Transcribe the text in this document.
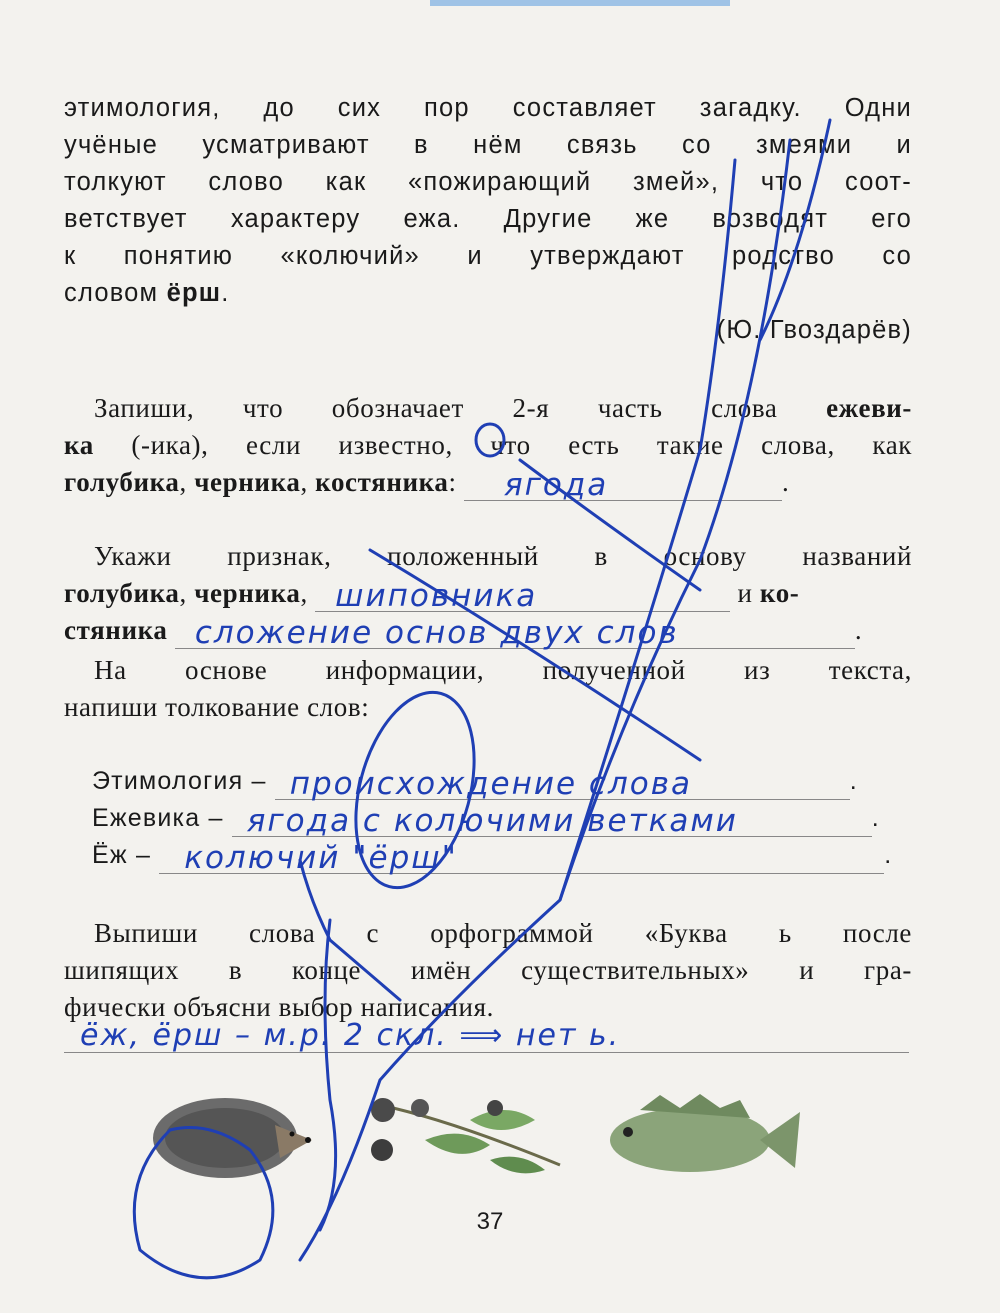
этимология, до сих пор составляет загадку. Одни
учёные усматривают в нём связь со змеями и
толкуют слово как «пожирающий змей», что соот-
ветствует характеру ежа. Другие же возводят его
к понятию «колючий» и утверждают родство со
словом ёрш.
(Ю. Гвоздарёв)
Запиши, что обозначает 2-я часть слова ежеви-
ка (-ика), если известно, что есть такие слова, как
голубика, черника, костяника: ягода	.
Укажи признак, положенный в основу названий
голубика, черника, шиповника	и ко-
стяника сложение основ двух слов	.
На основе информации, полученной из текста,
напиши толкование слов:
Этимология – происхождение слова	.
Ежевика – ягода с колючими ветками	.
Ёж – колючий "ёрш"	.
Выпиши слова с орфограммой «Буква ь после
шипящих в конце имён существительных» и гра-
фически объясни выбор написания.
ёж, ёрш – м.р. 2 скл. ⟹ нет ь.
37
